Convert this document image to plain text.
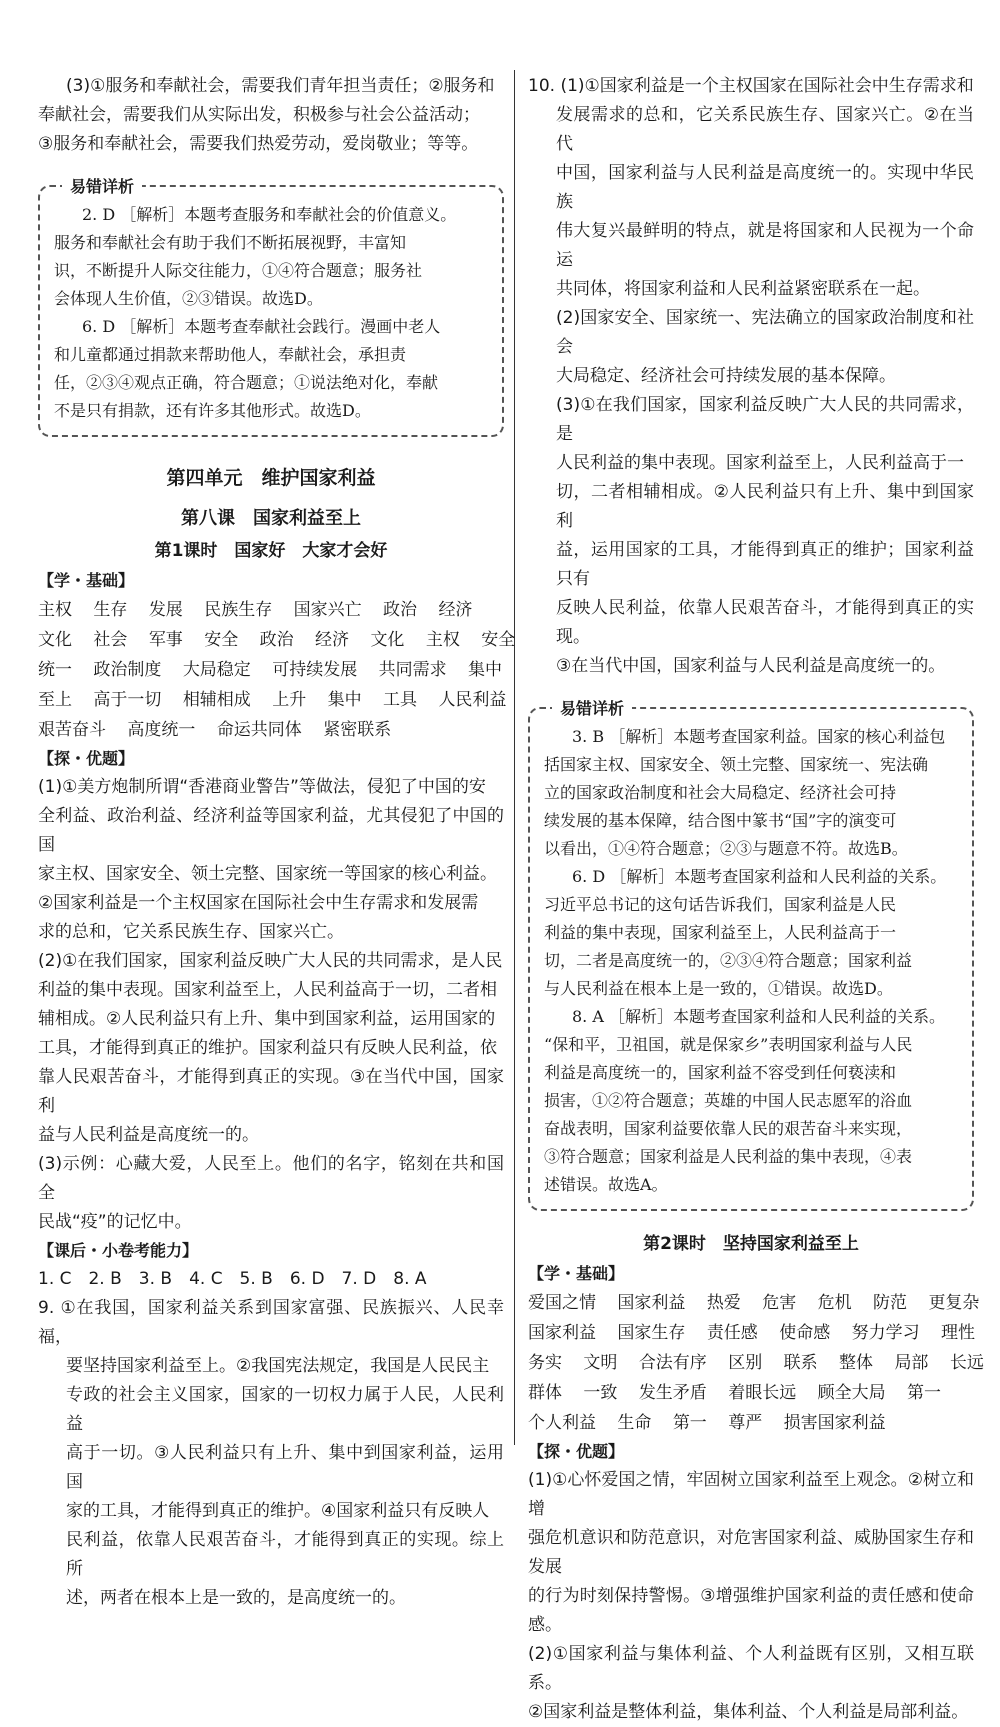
(3)①服务和奉献社会，需要我们青年担当责任；②服务和

奉献社会，需要我们从实际出发，积极参与社会公益活动；

③服务和奉献社会，需要我们热爱劳动，爱岗敬业；等等。

易错详析

2. D ［解析］本题考查服务和奉献社会的价值意义。

服务和奉献社会有助于我们不断拓展视野，丰富知

识，不断提升人际交往能力，①④符合题意；服务社

会体现人生价值，②③错误。故选D。

6. D ［解析］本题考查奉献社会践行。漫画中老人

和儿童都通过捐款来帮助他人，奉献社会，承担责

任，②③④观点正确，符合题意；①说法绝对化，奉献

不是只有捐款，还有许多其他形式。故选D。

第四单元　维护国家利益
第八课　国家利益至上
第1课时　国家好　大家才会好

【学・基础】

主权 生存 发展 民族生存 国家兴亡 政治 经济

文化 社会 军事 安全 政治 经济 文化 主权 安全

统一 政治制度 大局稳定 可持续发展 共同需求 集中

至上 高于一切 相辅相成 上升 集中 工具 人民利益

艰苦奋斗 高度统一 命运共同体 紧密联系

【探・优题】

(1)①美方炮制所谓“香港商业警告”等做法，侵犯了中国的安

全利益、政治利益、经济利益等国家利益，尤其侵犯了中国的国

家主权、国家安全、领土完整、国家统一等国家的核心利益。

②国家利益是一个主权国家在国际社会中生存需求和发展需

求的总和，它关系民族生存、国家兴亡。

(2)①在我们国家，国家利益反映广大人民的共同需求，是人民

利益的集中表现。国家利益至上，人民利益高于一切，二者相

辅相成。②人民利益只有上升、集中到国家利益，运用国家的

工具，才能得到真正的维护。国家利益只有反映人民利益，依

靠人民艰苦奋斗，才能得到真正的实现。③在当代中国，国家利

益与人民利益是高度统一的。

(3)示例：心藏大爱，人民至上。他们的名字，铭刻在共和国全

民战“疫”的记忆中。

【课后・小卷考能力】

1. C　2. B　3. B　4. C　5. B　6. D　7. D　8. A

9. ①在我国，国家利益关系到国家富强、民族振兴、人民幸福，

要坚持国家利益至上。②我国宪法规定，我国是人民民主

专政的社会主义国家，国家的一切权力属于人民，人民利益

高于一切。③人民利益只有上升、集中到国家利益，运用国

家的工具，才能得到真正的维护。④国家利益只有反映人

民利益，依靠人民艰苦奋斗，才能得到真正的实现。综上所

述，两者在根本上是一致的，是高度统一的。

10. (1)①国家利益是一个主权国家在国际社会中生存需求和

发展需求的总和，它关系民族生存、国家兴亡。②在当代

中国，国家利益与人民利益是高度统一的。实现中华民族

伟大复兴最鲜明的特点，就是将国家和人民视为一个命运

共同体，将国家利益和人民利益紧密联系在一起。

(2)国家安全、国家统一、宪法确立的国家政治制度和社会

大局稳定、经济社会可持续发展的基本保障。

(3)①在我们国家，国家利益反映广大人民的共同需求，是

人民利益的集中表现。国家利益至上，人民利益高于一

切，二者相辅相成。②人民利益只有上升、集中到国家利

益，运用国家的工具，才能得到真正的维护；国家利益只有

反映人民利益，依靠人民艰苦奋斗，才能得到真正的实现。

③在当代中国，国家利益与人民利益是高度统一的。

易错详析

3. B ［解析］本题考查国家利益。国家的核心利益包

括国家主权、国家安全、领土完整、国家统一、宪法确

立的国家政治制度和社会大局稳定、经济社会可持

续发展的基本保障，结合图中篆书“国”字的演变可

以看出，①④符合题意；②③与题意不符。故选B。

6. D ［解析］本题考查国家利益和人民利益的关系。

习近平总书记的这句话告诉我们，国家利益是人民

利益的集中表现，国家利益至上，人民利益高于一

切，二者是高度统一的，②③④符合题意；国家利益

与人民利益在根本上是一致的，①错误。故选D。

8. A ［解析］本题考查国家利益和人民利益的关系。

“保和平，卫祖国，就是保家乡”表明国家利益与人民

利益是高度统一的，国家利益不容受到任何亵渎和

损害，①②符合题意；英雄的中国人民志愿军的浴血

奋战表明，国家利益要依靠人民的艰苦奋斗来实现，

③符合题意；国家利益是人民利益的集中表现，④表

述错误。故选A。

第2课时　坚持国家利益至上

【学・基础】

爱国之情 国家利益 热爱 危害 危机 防范 更复杂

国家利益 国家生存 责任感 使命感 努力学习 理性

务实 文明 合法有序 区别 联系 整体 局部 长远

群体 一致 发生矛盾 着眼长远 顾全大局 第一

个人利益 生命 第一 尊严 损害国家利益

【探・优题】

(1)①心怀爱国之情，牢固树立国家利益至上观念。②树立和增

强危机意识和防范意识，对危害国家利益、威胁国家生存和发展

的行为时刻保持警惕。③增强维护国家利益的责任感和使命感。

(2)①国家利益与集体利益、个人利益既有区别，又相互联系。

②国家利益是整体利益，集体利益、个人利益是局部利益。
